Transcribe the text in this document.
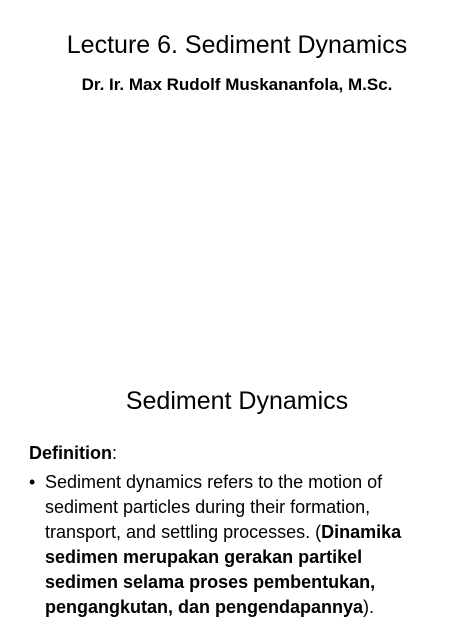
Lecture 6. Sediment Dynamics
Dr. Ir. Max Rudolf Muskananfola, M.Sc.
Sediment Dynamics
Definition:
• Sediment dynamics refers to the motion of
sediment particles during their formation,
transport, and settling processes. (Dinamika
sedimen merupakan gerakan partikel
sedimen selama proses pembentukan,
pengangkutan, dan pengendapannya).
